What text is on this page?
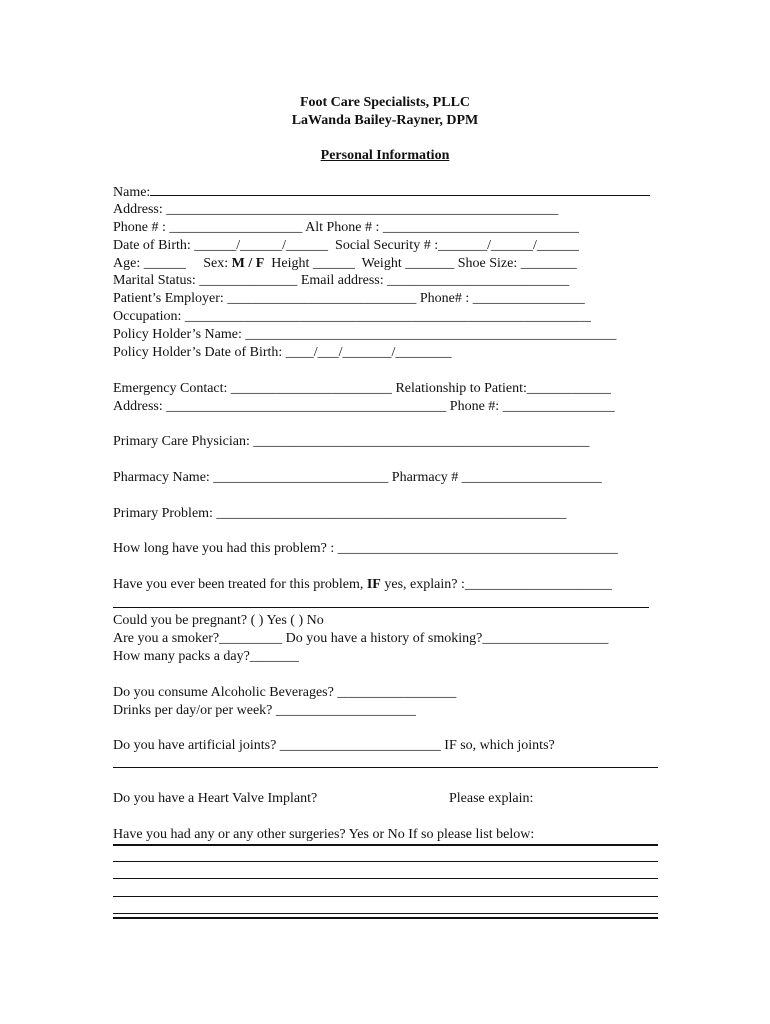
Foot Care Specialists, PLLC
LaWanda Bailey-Rayner, DPM
Personal Information
Name:
Address: ________________________________________________________
Phone # : ___________________ Alt Phone # : ____________________________
Date of Birth: ______/______/______ Social Security # :_______/______/______
Age: ______ Sex: M / F Height ______ Weight _______ Shoe Size: ________
Marital Status: ______________ Email address: __________________________
Patient’s Employer: ___________________________ Phone# : ________________
Occupation: __________________________________________________________
Policy Holder’s Name: _____________________________________________________
Policy Holder’s Date of Birth: ____/___/_______/________
Emergency Contact: _______________________ Relationship to Patient:____________
Address: ________________________________________ Phone #: ________________
Primary Care Physician: ________________________________________________
Pharmacy Name: _________________________ Pharmacy # ____________________
Primary Problem: __________________________________________________
How long have you had this problem? : ________________________________________
Have you ever been treated for this problem, IF yes, explain? :_____________________
Could you be pregnant? ( ) Yes ( ) No
Are you a smoker?_________ Do you have a history of smoking?__________________
How many packs a day?_______
Do you consume Alcoholic Beverages? _________________
Drinks per day/or per week? ____________________
Do you have artificial joints? _______________________ IF so, which joints?
Do you have a Heart Valve Implant?	Please explain:
Have you had any or any other surgeries? Yes or No If so please list below:
